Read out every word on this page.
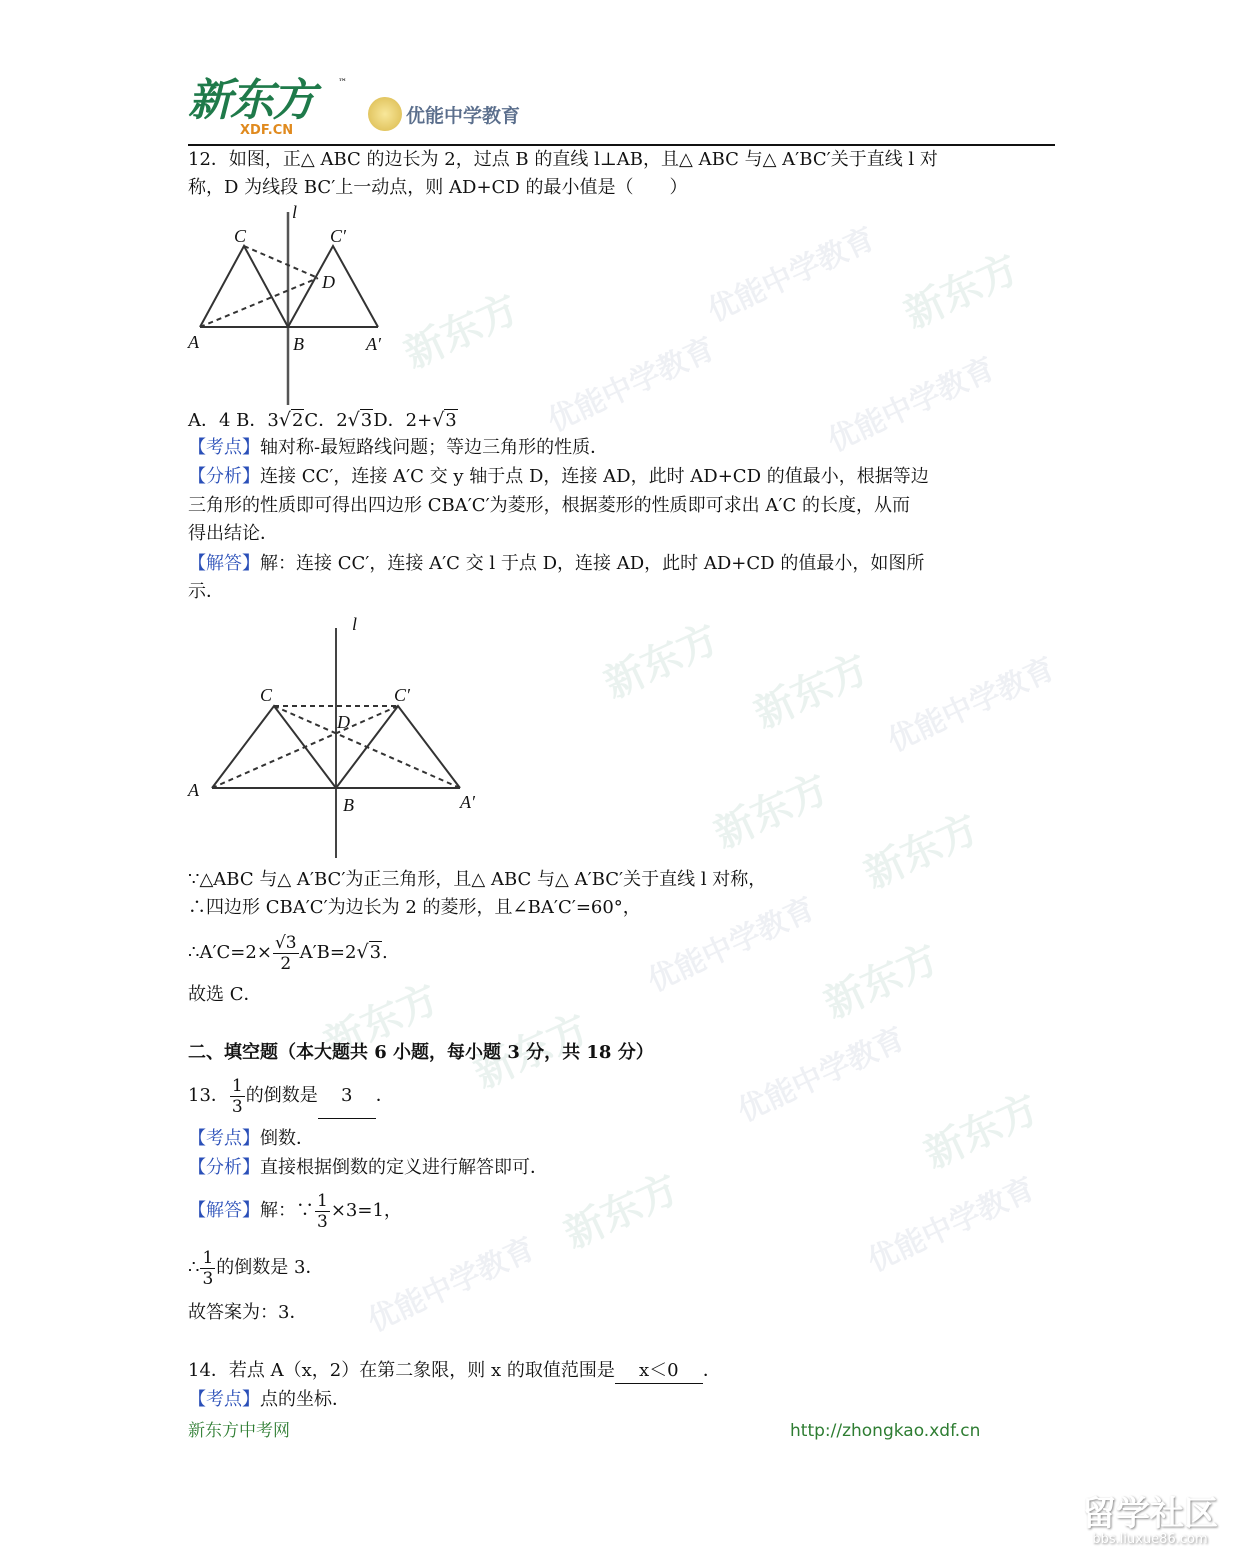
新东方
优能中学教育 新东方
优能中学教育	优能中学教育
新东方 新东方 优能中学教育
新东方 新东方
优能中学教育
新东方
新东方 新东方	优能中学教育
新东方
新东方	优能中学教育
优能中学教育
新东方
XDF.CN
™
优能中学教育
12．如图，正△ ABC 的边长为 2，过点 B 的直线 l⊥AB，且△ ABC 与△ A′BC′关于直线 l 对
称，D 为线段 BC′上一动点，则 AD+CD 的最小值是（　　）
l
C	C′
D
A	B	A′
A．4 B．3√2C．2√3D．2+√3
【考点】轴对称-最短路线问题；等边三角形的性质．
【分析】连接 CC′，连接 A′C 交 y 轴于点 D，连接 AD，此时 AD+CD 的值最小，根据等边
三角形的性质即可得出四边形 CBA′C′为菱形，根据菱形的性质即可求出 A′C 的长度，从而
得出结论．
【解答】解：连接 CC′，连接 A′C 交 l 于点 D，连接 AD，此时 AD+CD 的值最小，如图所
示．
l
C	C′
D
A
B	A′
∵△ABC 与△ A′BC′为正三角形，且△ ABC 与△ A′BC′关于直线 l 对称，
∴四边形 CBA′C′为边长为 2 的菱形，且∠BA′C′=60°，
∴A′C=2× $\frac{√3}{2} A'B=2√3$.
故选 C．
二、填空题（本大题共 6 小题，每小题 3 分，共 18 分）
13． $\frac{1}{3}$ 的倒数是 3 ．
【考点】倒数．
【分析】直接根据倒数的定义进行解答即可．
【解答】解：∵ $\frac{1}{3} \times 3=1$，
∴ $\frac{1}{3}$ 的倒数是 3．
故答案为：3．
14．若点 A（x，2）在第二象限，则 x 的取值范围是 x＜0 ．
【考点】点的坐标．
新东方中考网	http://zhongkao.xdf.cn
留学社区
bbs.liuxue86.com
